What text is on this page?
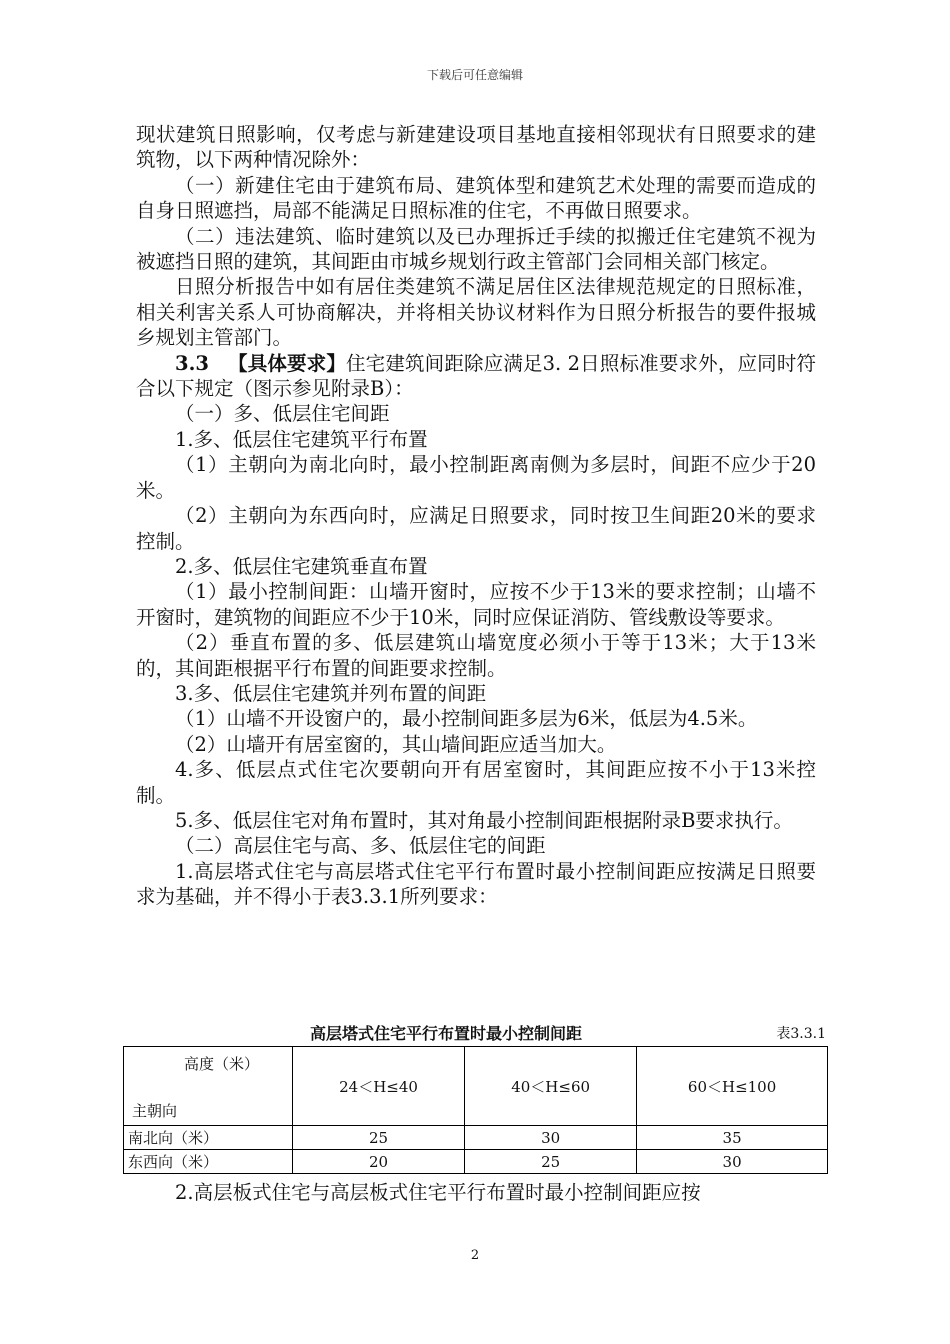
下载后可任意编辑

现状建筑日照影响，仅考虑与新建建设项目基地直接相邻现状有日照要求的建筑物，以下两种情况除外：

（一）新建住宅由于建筑布局、建筑体型和建筑艺术处理的需要而造成的自身日照遮挡，局部不能满足日照标准的住宅，不再做日照要求。

（二）违法建筑、临时建筑以及已办理拆迁手续的拟搬迁住宅建筑不视为被遮挡日照的建筑，其间距由市城乡规划行政主管部门会同相关部门核定。

日照分析报告中如有居住类建筑不满足居住区法律规范规定的日照标准，相关利害关系人可协商解决，并将相关协议材料作为日照分析报告的要件报城乡规划主管部门。

3.3 【具体要求】住宅建筑间距除应满足3. 2日照标准要求外，应同时符合以下规定（图示参见附录B）：

（一）多、低层住宅间距

1.多、低层住宅建筑平行布置

（1）主朝向为南北向时，最小控制距离南侧为多层时，间距不应少于20米。

（2）主朝向为东西向时，应满足日照要求，同时按卫生间距20米的要求控制。

2.多、低层住宅建筑垂直布置

（1）最小控制间距：山墙开窗时，应按不少于13米的要求控制；山墙不开窗时，建筑物的间距应不少于10米，同时应保证消防、管线敷设等要求。

（2）垂直布置的多、低层建筑山墙宽度必须小于等于13米；大于13米的，其间距根据平行布置的间距要求控制。

3.多、低层住宅建筑并列布置的间距

（1）山墙不开设窗户的，最小控制间距多层为6米，低层为4.5米。

（2）山墙开有居室窗的，其山墙间距应适当加大。

4.多、低层点式住宅次要朝向开有居室窗时，其间距应按不小于13米控制。

5.多、低层住宅对角布置时，其对角最小控制间距根据附录B要求执行。

（二）高层住宅与高、多、低层住宅的间距

1.高层塔式住宅与高层塔式住宅平行布置时最小控制间距应按满足日照要求为基础，并不得小于表3.3.1所列要求：

高层塔式住宅平行布置时最小控制间距	表3.3.1
高度（米）
主朝向	24＜H≤40	40＜H≤60	60＜H≤100
南北向（米）	25	30	35
东西向（米）	20	25	30

2.高层板式住宅与高层板式住宅平行布置时最小控制间距应按

2
